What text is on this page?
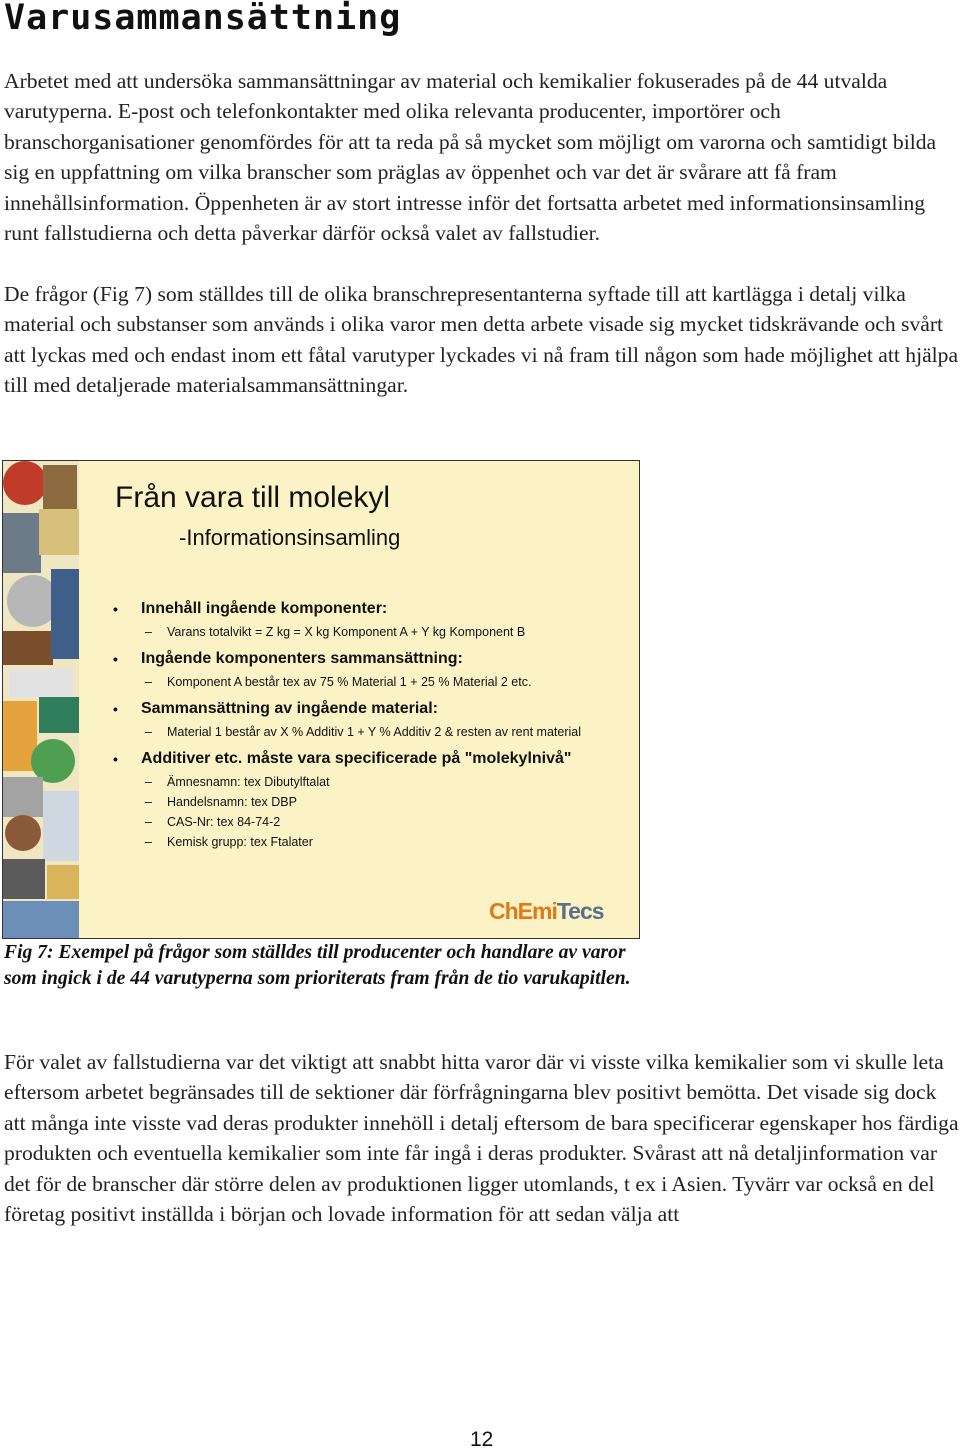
Varusammansättning

Arbetet med att undersöka sammansättningar av material och kemikalier fokuserades på de 44 utvalda varutyperna. E-post och telefonkontakter med olika relevanta producenter, importörer och branschorganisationer genomfördes för att ta reda på så mycket som möjligt om varorna och samtidigt bilda sig en uppfattning om vilka branscher som präglas av öppenhet och var det är svårare att få fram innehållsinformation. Öppenheten är av stort intresse inför det fortsatta arbetet med informationsinsamling runt fallstudierna och detta påverkar därför också valet av fallstudier.

De frågor (Fig 7) som ställdes till de olika branschrepresentanterna syftade till att kartlägga i detalj vilka material och substanser som används i olika varor men detta arbete visade sig mycket tidskrävande och svårt att lyckas med och endast inom ett fåtal varutyper lyckades vi nå fram till någon som hade möjlighet att hjälpa till med detaljerade materialsammansättningar.

Från vara till molekyl
-Informationsinsamling
• Innehåll ingående komponenter:
– Varans totalvikt = Z kg = X kg Komponent A + Y kg Komponent B
• Ingående komponenters sammansättning:
– Komponent A består tex av 75 % Material 1 + 25 % Material 2 etc.
• Sammansättning av ingående material:
– Material 1 består av X % Additiv 1 + Y % Additiv 2 & resten av rent material
• Additiver etc. måste vara specificerade på "molekylnivå"
– Ämnesnamn: tex Dibutylftalat
– Handelsnamn: tex DBP
– CAS-Nr: tex 84-74-2
– Kemisk grupp: tex Ftalater
ChEmiTecs

Fig 7: Exempel på frågor som ställdes till producenter och handlare av varor som ingick i de 44 varutyperna som prioriterats fram från de tio varukapitlen.

För valet av fallstudierna var det viktigt att snabbt hitta varor där vi visste vilka kemikalier som vi skulle leta eftersom arbetet begränsades till de sektioner där förfrågningarna blev positivt bemötta. Det visade sig dock att många inte visste vad deras produkter innehöll i detalj eftersom de bara specificerar egenskaper hos färdiga produkten och eventuella kemikalier som inte får ingå i deras produkter. Svårast att nå detaljinformation var det för de branscher där större delen av produktionen ligger utomlands, t ex i Asien. Tyvärr var också en del företag positivt inställda i början och lovade information för att sedan välja att

12
